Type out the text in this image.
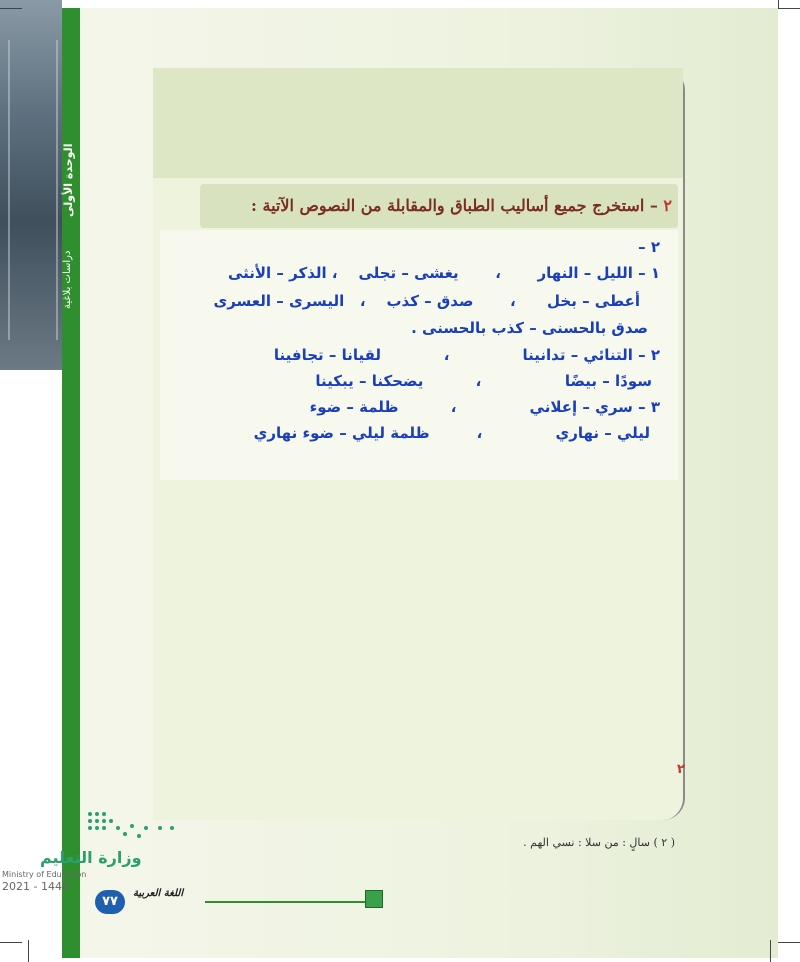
الوحدة الأولى
دراسات بلاغية
٢ – استخرج جميع أساليب الطباق والمقابلة من النصوص الآتية :
٢ –
١ – الليل – النهار       ،       يغشى – تجلى    ، الذكر – الأنثى
أعطى – بخل      ،       صدق – كذب    ،   اليسرى – العسرى
صدق بالحسنى – كذب بالحسنى .
٢ – التنائي – تدانينا              ،            لقيانا – تجافينا
سودًا – بيضًا                ،          يضحكنا – يبكينا
٣ – سري – إعلاني              ،          ظلمة – ضوء
ليلي – نهاري              ،         ظلمة ليلي – ضوء نهاري
٢
( ٢ ) سالٍ : من سلا : نسي الهم .
وزارة التعليم
Ministry of Education
2021 - 1443
اللغة العربية
٧٧
